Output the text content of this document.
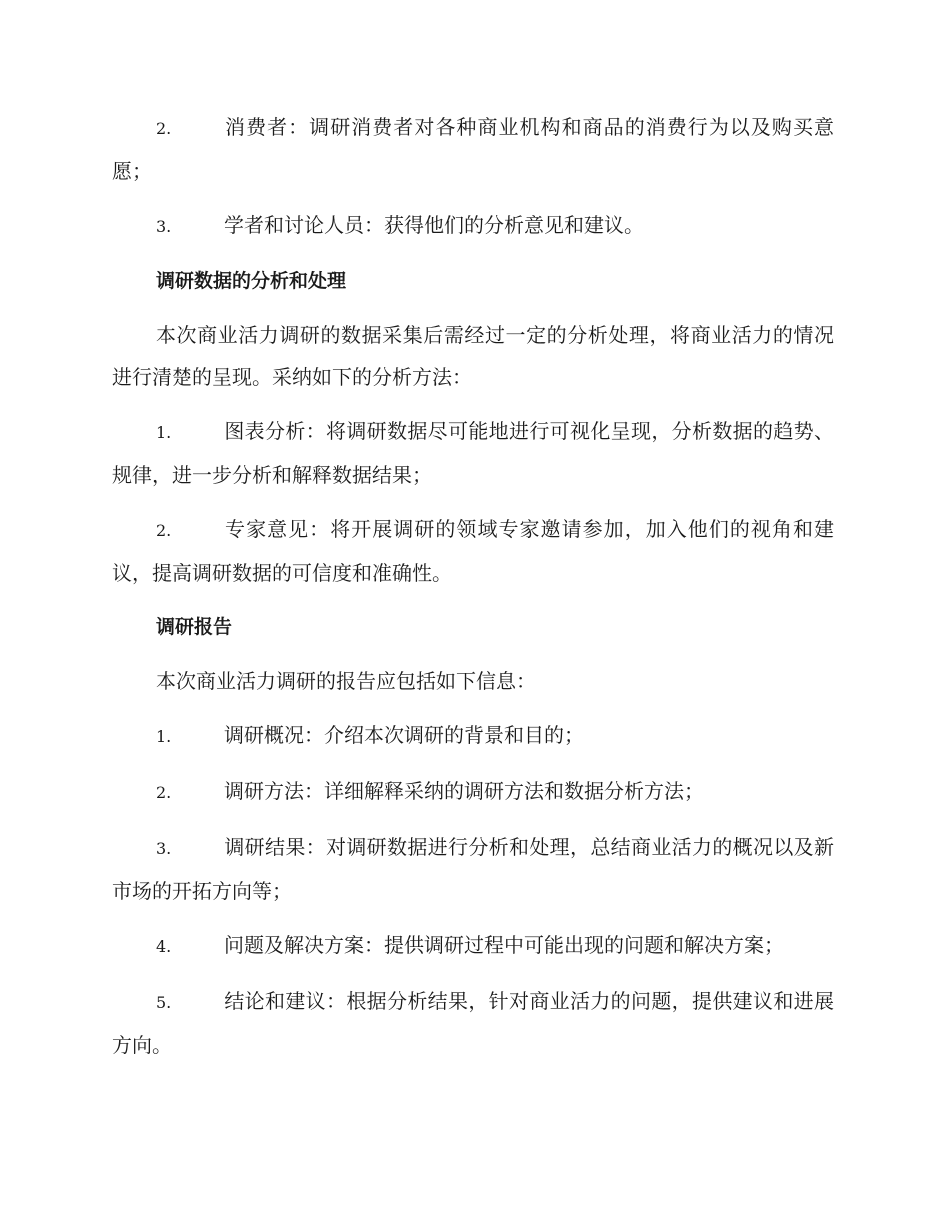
2.	消费者：调研消费者对各种商业机构和商品的消费行为以及购买意愿；

3.	学者和讨论人员：获得他们的分析意见和建议。

调研数据的分析和处理

本次商业活力调研的数据采集后需经过一定的分析处理，将商业活力的情况进行清楚的呈现。采纳如下的分析方法：

1.	图表分析：将调研数据尽可能地进行可视化呈现，分析数据的趋势、规律，进一步分析和解释数据结果；

2.	专家意见：将开展调研的领域专家邀请参加，加入他们的视角和建议，提高调研数据的可信度和准确性。

调研报告

本次商业活力调研的报告应包括如下信息：

1.	调研概况：介绍本次调研的背景和目的；

2.	调研方法：详细解释采纳的调研方法和数据分析方法；

3.	调研结果：对调研数据进行分析和处理，总结商业活力的概况以及新市场的开拓方向等；

4.	问题及解决方案：提供调研过程中可能出现的问题和解决方案；

5.	结论和建议：根据分析结果，针对商业活力的问题，提供建议和进展方向。
